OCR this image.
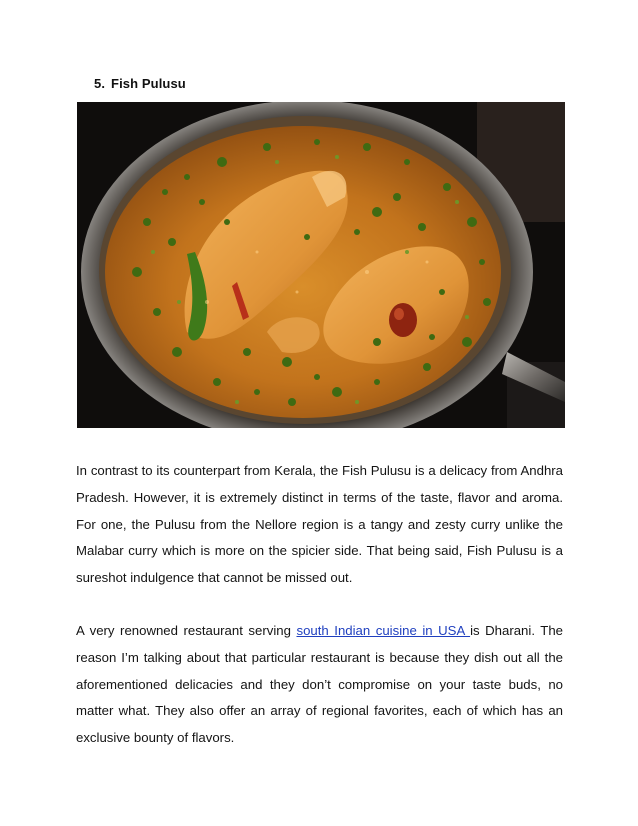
5. Fish Pulusu

In contrast to its counterpart from Kerala, the Fish Pulusu is a delicacy from Andhra Pradesh. However, it is extremely distinct in terms of the taste, flavor and aroma. For one, the Pulusu from the Nellore region is a tangy and zesty curry unlike the Malabar curry which is more on the spicier side. That being said, Fish Pulusu is a sureshot indulgence that cannot be missed out.

A very renowned restaurant serving south Indian cuisine in USA is Dharani. The reason I’m talking about that particular restaurant is because they dish out all the aforementioned delicacies and they don’t compromise on your taste buds, no matter what. They also offer an array of regional favorites, each of which has an exclusive bounty of flavors.
